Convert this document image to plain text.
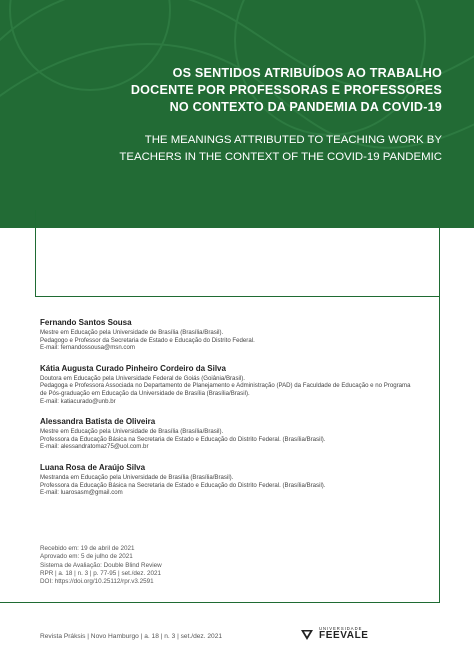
OS SENTIDOS ATRIBUÍDOS AO TRABALHO
DOCENTE POR PROFESSORAS E PROFESSORES
NO CONTEXTO DA PANDEMIA DA COVID-19
THE MEANINGS ATTRIBUTED TO TEACHING WORK BY
TEACHERS IN THE CONTEXT OF THE COVID-19 PANDEMIC
Fernando Santos Sousa
Mestre em Educação pela Universidade de Brasília (Brasília/Brasil).
Pedagogo e Professor da Secretaria de Estado e Educação do Distrito Federal.
E-mail: fernandossousa@msn.com
Kátia Augusta Curado Pinheiro Cordeiro da Silva
Doutora em Educação pela Universidade Federal de Goiás (Goiânia/Brasil).
Pedagoga e Professora Associada no Departamento de Planejamento e Administração (PAD) da Faculdade de Educação e no Programa
de Pós-graduação em Educação da Universidade de Brasília (Brasília/Brasil).
E-mail: katiacurado@unb.br
Alessandra Batista de Oliveira
Mestre em Educação pela Universidade de Brasília (Brasília/Brasil).
Professora da Educação Básica na Secretaria de Estado e Educação do Distrito Federal. (Brasília/Brasil).
E-mail: alessandratomaz75@uol.com.br
Luana Rosa de Araújo Silva
Mestranda em Educação pela Universidade de Brasília (Brasília/Brasil).
Professora da Educação Básica na Secretaria de Estado e Educação do Distrito Federal. (Brasília/Brasil).
E-mail: luarosasm@gmail.com
Recebido em: 19 de abril de 2021
Aprovado em: 5 de julho de 2021
Sistema de Avaliação: Double Blind Review
RPR | a. 18 | n. 3 | p. 77-95 | set./dez. 2021
DOI: https://doi.org/10.25112/rpr.v3.2591
Revista Práksis | Novo Hamburgo | a. 18 | n. 3 | set./dez. 2021
UNIVERSIDADE
FEEVALE
